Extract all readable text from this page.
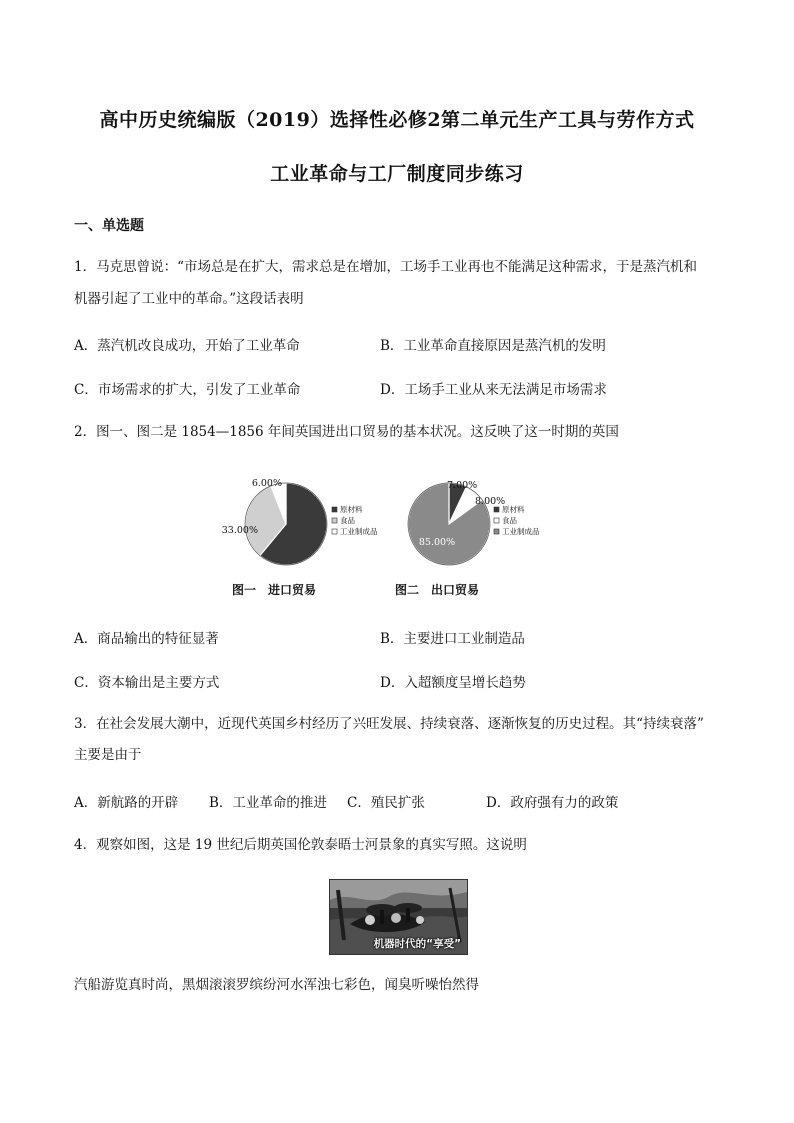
高中历史统编版（2019）选择性必修2第二单元生产工具与劳作方式
工业革命与工厂制度同步练习
一、单选题
1．马克思曾说：“市场总是在扩大，需求总是在增加，工场手工业再也不能满足这种需求，于是蒸汽机和
机器引起了工业中的革命。”这段话表明
A．蒸汽机改良成功，开始了工业革命	B．工业革命直接原因是蒸汽机的发明
C．市场需求的扩大，引发了工业革命	D．工场手工业从来无法满足市场需求
2．图一、图二是 1854—1856 年间英国进出口贸易的基本状况。这反映了这一时期的英国
61.00%
33.00%
6.00%
原材料
食品
工业制成品
图一　进口贸易
7.00%
8.00%
85.00%
原材料
食品
工业制成品
图二　出口贸易
A．商品输出的特征显著	B．主要进口工业制造品
C．资本输出是主要方式	D．入超额度呈增长趋势
3．在社会发展大潮中，近现代英国乡村经历了兴旺发展、持续衰落、逐渐恢复的历史过程。其“持续衰落”
主要是由于
A．新航路的开辟 B．工业革命的推进 C．殖民扩张	D．政府强有力的政策
4．观察如图，这是 19 世纪后期英国伦敦泰晤士河景象的真实写照。这说明
机器时代的“享受”
汽船游览真时尚，黑烟滚滚罗缤纷河水浑浊七彩色，闻臭听噪怡然得
